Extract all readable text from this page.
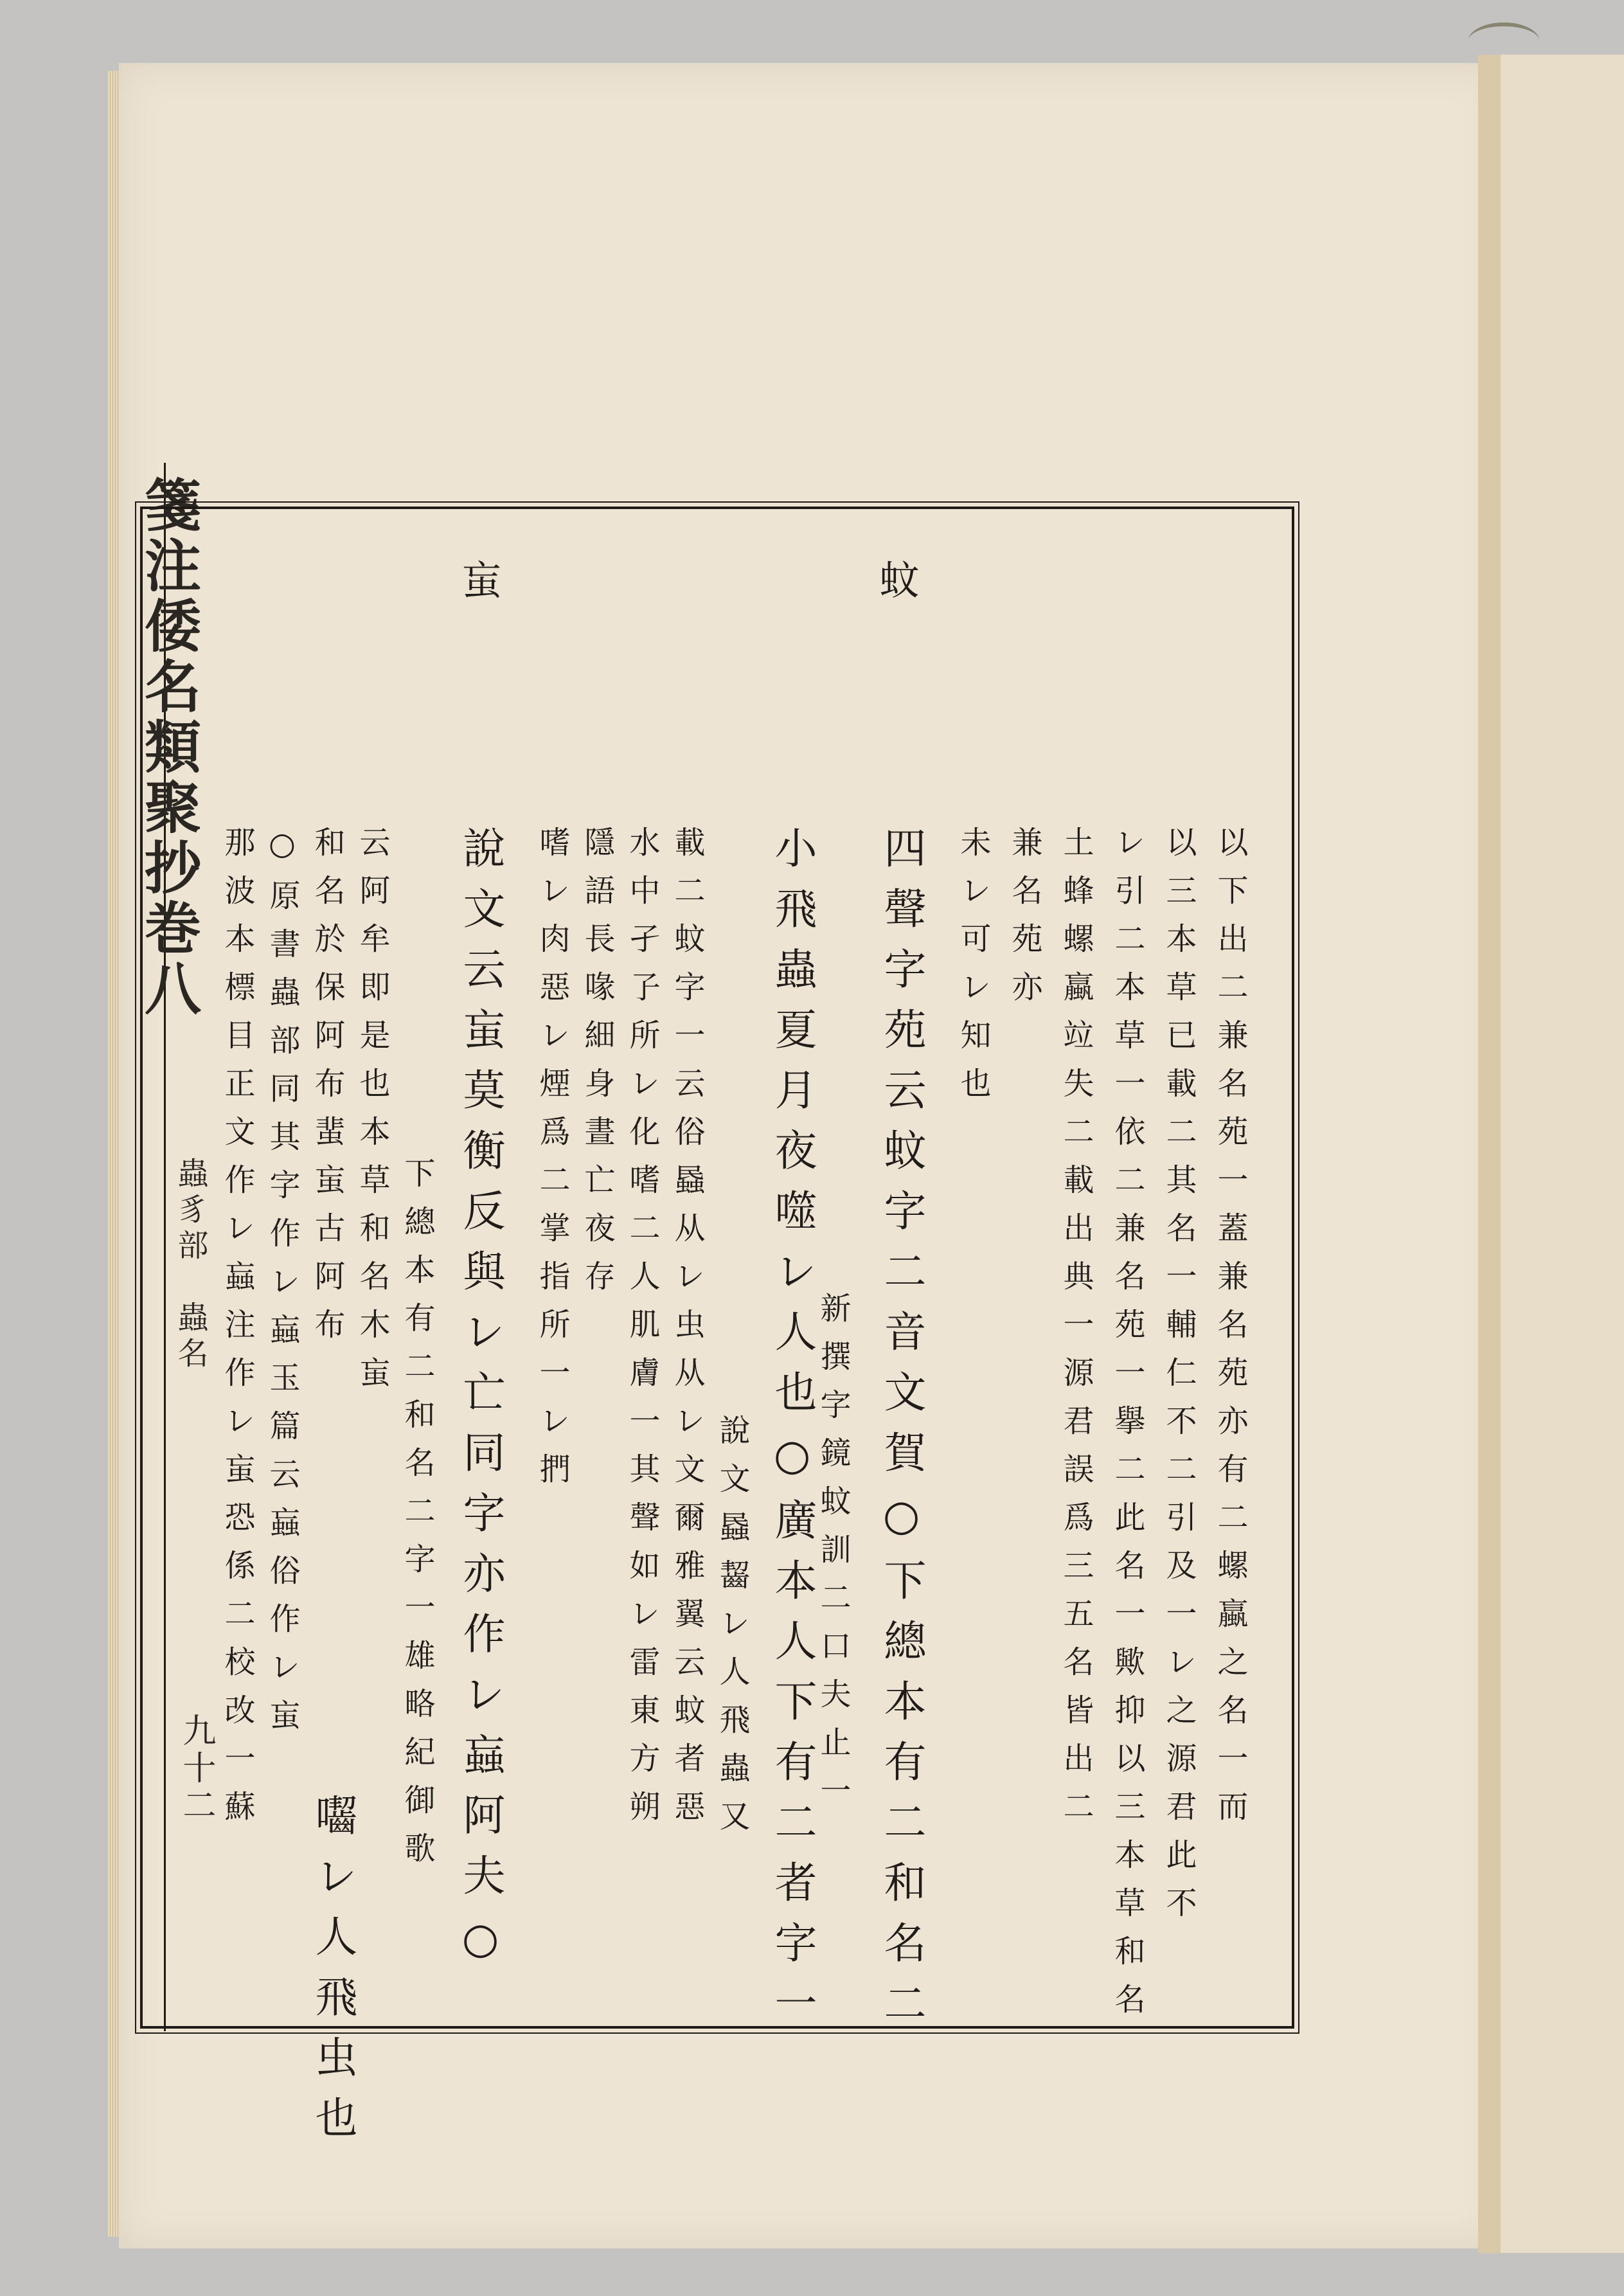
箋注倭名類聚抄巻八
蟲豸部　蟲名
九十二
蚊
䖟
以下出二兼名苑一蓋兼名苑亦有二螺蠃之名一而
以三本草已載二其名一輔仁不二引及一レ之源君此不
レ引二本草一依二兼名苑一擧二此名一歟抑以三本草和名
土蜂螺蠃竝失二載出典一源君誤爲三五名皆出二
兼名苑亦
未レ可レ知也
四聲字苑云蚊字二音文賀○下總本有二和名二
新撰字鏡蚊訓二口夫止一
小飛蟲夏月夜噬レ人也○廣本人下有二者字一
說文蟁齧レ人飛蟲又
載二蚊字一云俗蟁从レ虫从レ文爾雅翼云蚊者惡
水中孑孒所レ化嗜二人肌膚一其聲如レ雷東方朔
隱語長喙細身晝亡夜存
嗜レ肉惡レ煙爲二掌指所一レ捫
說文云䖟莫衡反與レ亡同字亦作レ蝱阿夫○
下總本有二和名二字一雄略紀御歌
云阿牟即是也本草和名木䖟
囓レ人飛虫也
和名於保阿布蜚䖟古阿布
○原書蟲部同其字作レ蝱玉篇云蝱俗作レ䖟
那波本標目正文作レ蝱注作レ䖟恐係二校改一蘇
